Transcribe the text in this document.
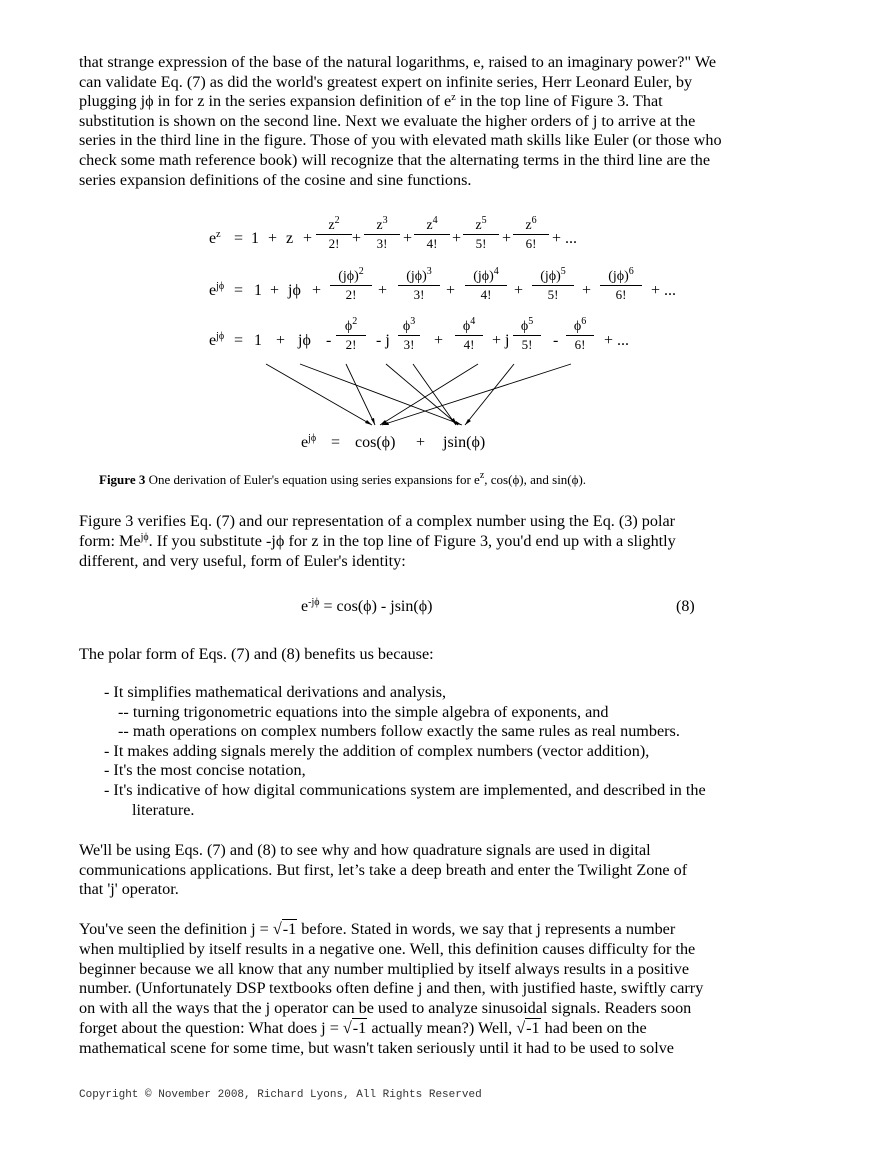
that strange expression of the base of the natural logarithms, e, raised to an imaginary power?" We
can validate Eq. (7) as did the world's greatest expert on infinite series, Herr Leonard Euler, by
plugging jϕ in for z in the series expansion definition of $e^z$ in the top line of Figure 3. That
substitution is shown on the second line. Next we evaluate the higher orders of j to arrive at the
series in the third line in the figure. Those of you with elevated math skills like Euler (or those who
check some math reference book) will recognize that the alternating terms in the third line are the
series expansion definitions of the cosine and sine functions.
$e^z = 1 + z$ +
$z^2$
2! +
$z^3$
3! +
$z^4$
4! +
$z^5$
5! +
$z^6$
6! + ...
$e^{j\phi} = 1 + j\phi$ +
$(j\phi)^2$
2!	+
$(j\phi)^3$
3!	+
$(j\phi)^4$
4!	+
$(j\phi)^5$
5!	+
$(j\phi)^6$
6!	+ ...
$e^{j\phi} = 1 + j\phi$ -
$\phi^2$
2!	- j
$\phi^3$
3!	+
$\phi^4$
4!	+ j
$\phi^5$
5!	-
$\phi^6$
6!	+ ...
$e^{j\phi} = \cos(\phi) + jsin(\phi)$
Figure 3 One derivation of Euler's equation using series expansions for $e^z$, cos(ϕ), and sin(ϕ).
Figure 3 verifies Eq. (7) and our representation of a complex number using the Eq. (3) polar
form: $Me^{j\phi}$. If you substitute -jϕ for z in the top line of Figure 3, you'd end up with a slightly
different, and very useful, form of Euler's identity:
$e^{-j\phi} = \cos(\phi) - jsin(\phi)$	(8)
The polar form of Eqs. (7) and (8) benefits us because:
- It simplifies mathematical derivations and analysis,
-- turning trigonometric equations into the simple algebra of exponents, and
-- math operations on complex numbers follow exactly the same rules as real numbers.
- It makes adding signals merely the addition of complex numbers (vector addition),
- It's the most concise notation,
- It's indicative of how digital communications system are implemented, and described in the
literature.
We'll be using Eqs. (7) and (8) to see why and how quadrature signals are used in digital
communications applications. But first, let’s take a deep breath and enter the Twilight Zone of
that 'j' operator.
You've seen the definition j = √-1 before. Stated in words, we say that j represents a number
when multiplied by itself results in a negative one. Well, this definition causes difficulty for the
beginner because we all know that any number multiplied by itself always results in a positive
number. (Unfortunately DSP textbooks often define j and then, with justified haste, swiftly carry
on with all the ways that the j operator can be used to analyze sinusoidal signals. Readers soon
forget about the question: What does j = √-1 actually mean?) Well, √-1 had been on the
mathematical scene for some time, but wasn't taken seriously until it had to be used to solve
Copyright © November 2008, Richard Lyons, All Rights Reserved
